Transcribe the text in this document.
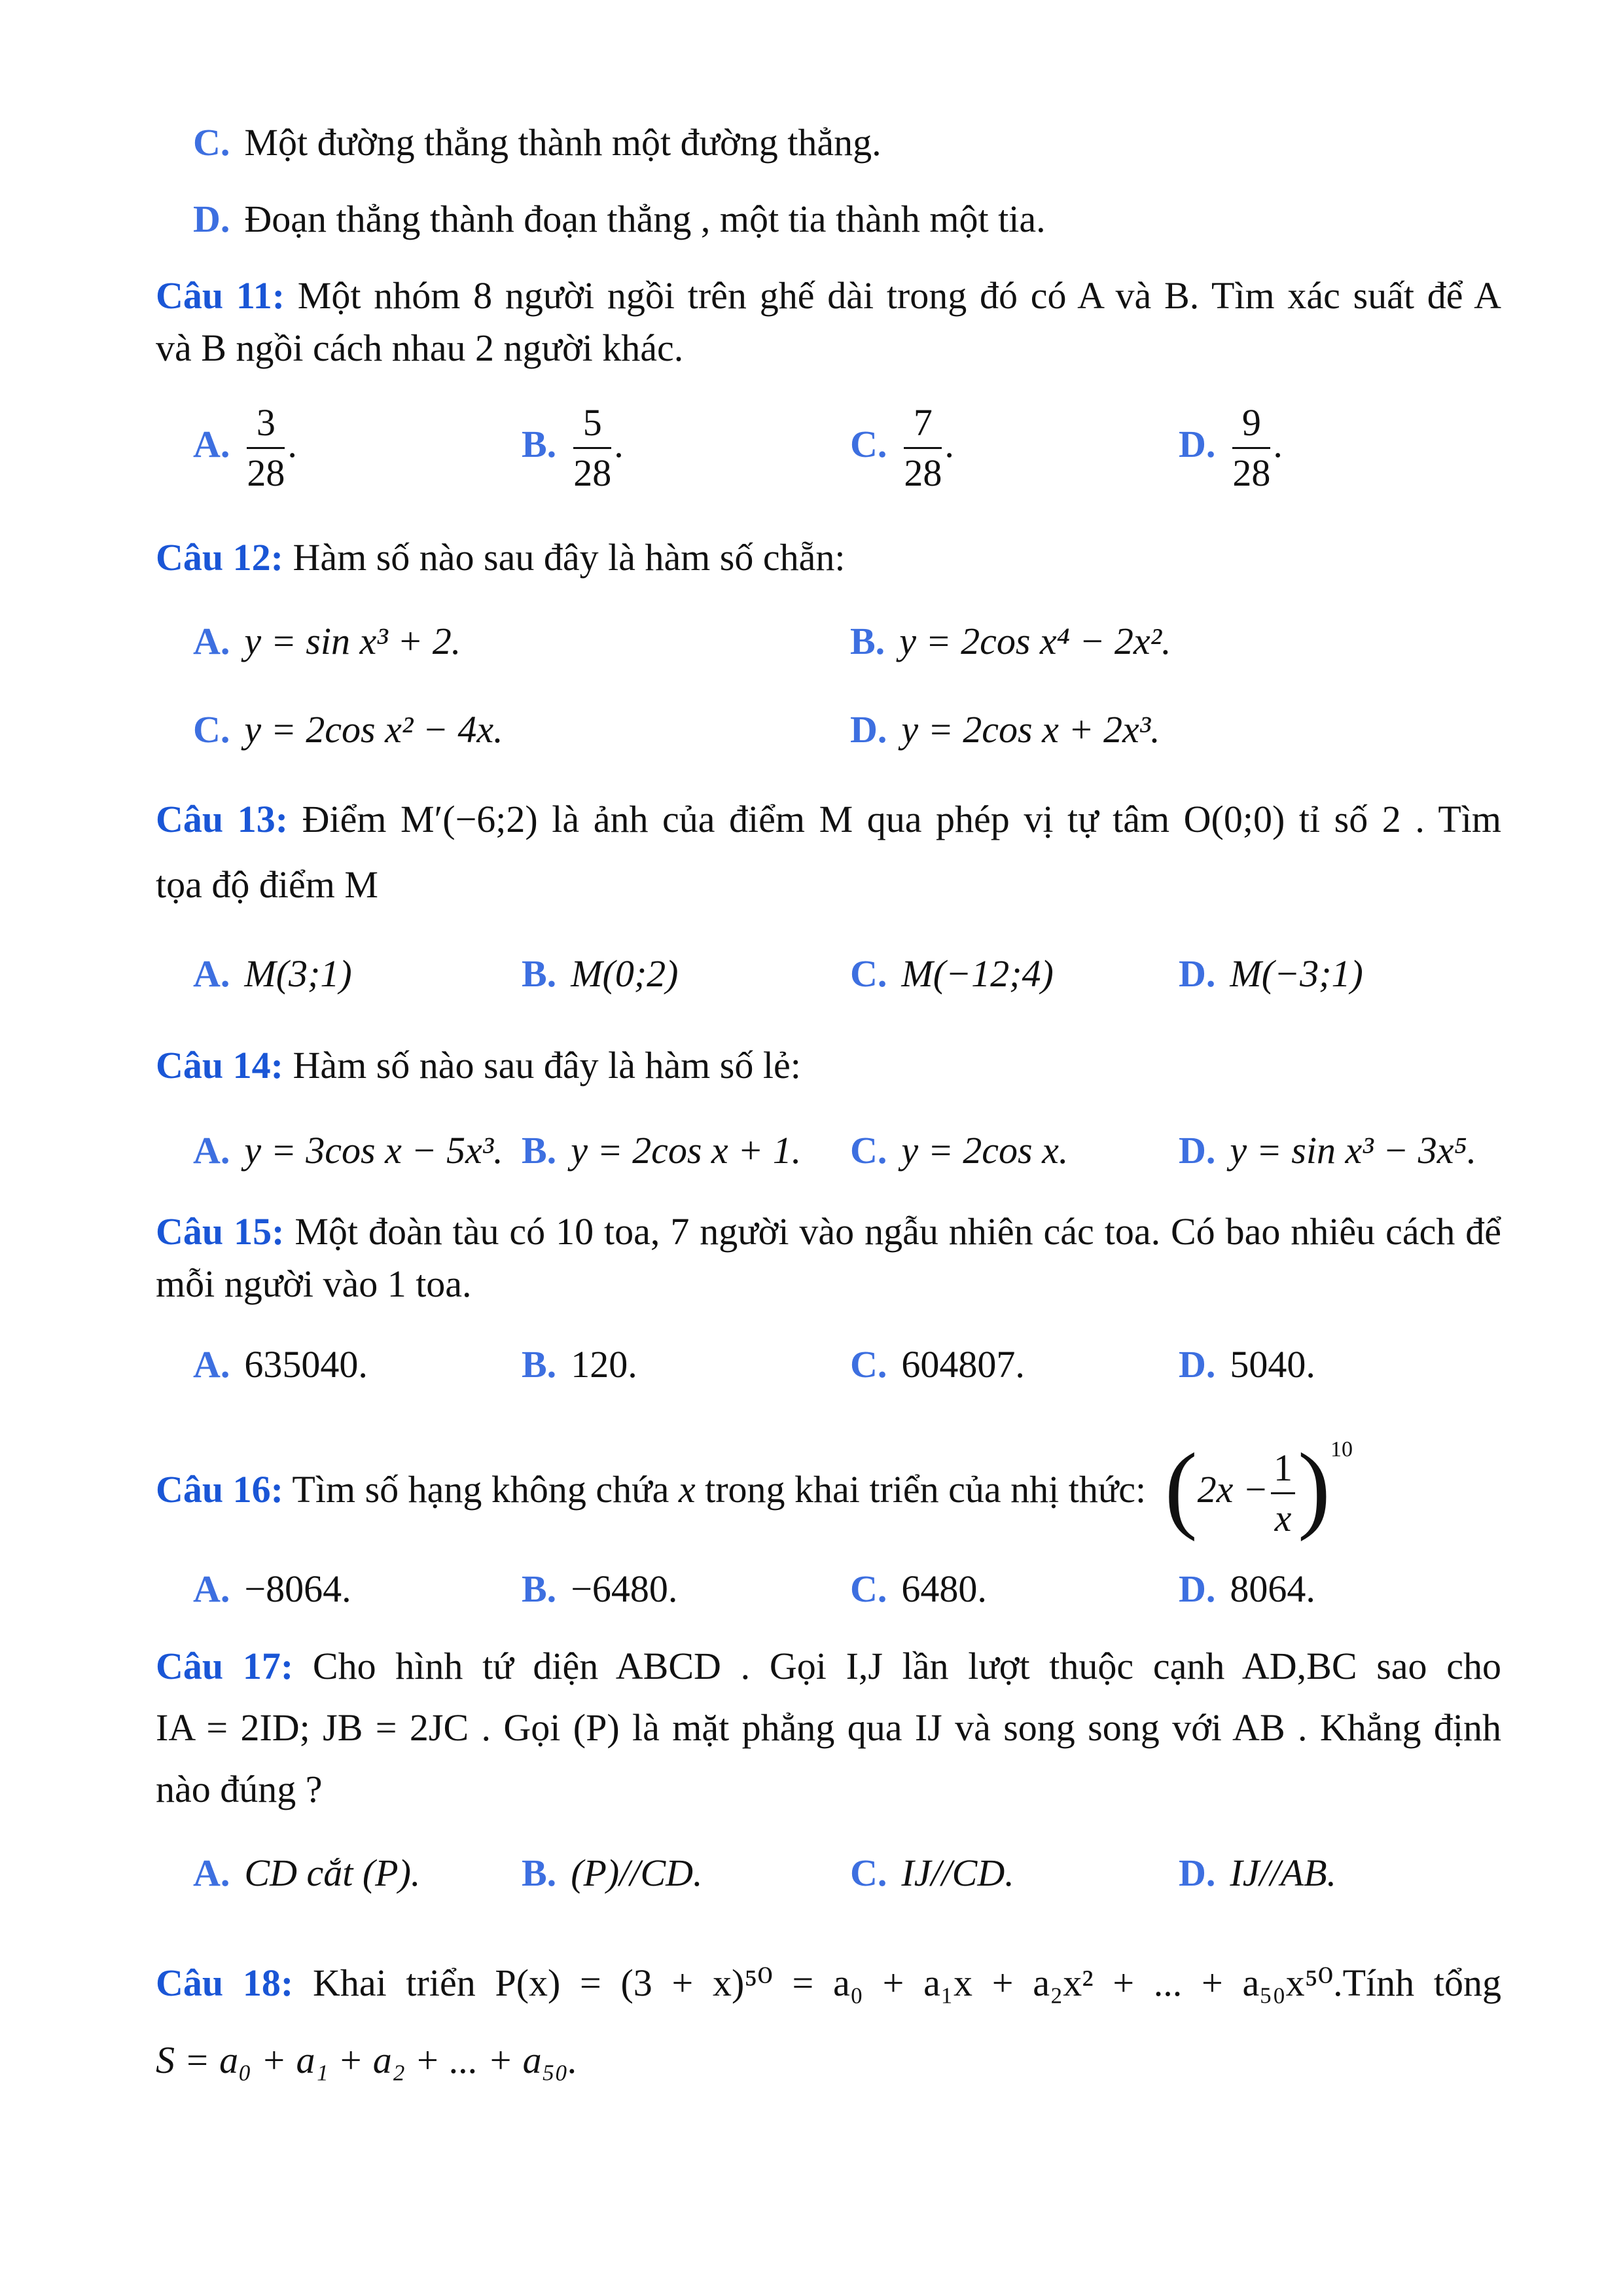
C. Một đường thẳng thành một đường thẳng.
D. Đoạn thẳng thành đoạn thẳng , một tia thành một tia.
Câu 11: Một nhóm 8 người ngồi trên ghế dài trong đó có A và B. Tìm xác suất để A
và B ngồi cách nhau 2 người khác.
A. $\frac{3}{28}$ .	B. $\frac{5}{28}$ .	C. $\frac{7}{28}$ .	D. $\frac{9}{28}$ .
Câu 12: Hàm số nào sau đây là hàm số chẵn:
A. y = sin x³ + 2.	B. y = 2cos x⁴ − 2x².
C. y = 2cos x² − 4x.	D. y = 2cos x + 2x³.
Câu 13: Điểm M′(−6;2) là ảnh của điểm M qua phép vị tự tâm O(0;0) tỉ số 2 . Tìm
tọa độ điểm M
A. M(3;1)	B. M(0;2)	C. M(−12;4)	D. M(−3;1)
Câu 14: Hàm số nào sau đây là hàm số lẻ:
A. y = 3cos x − 5x³. B. y = 2cos x + 1. C. y = 2cos x.	D. y = sin x³ − 3x⁵.
Câu 15: Một đoàn tàu có 10 toa, 7 người vào ngẫu nhiên các toa. Có bao nhiêu cách để
mỗi người vào 1 toa.
A. 635040.	B. 120.	C. 604807.	D. 5040.
Câu 16: Tìm số hạng không chứa x trong khai triển của nhị thức: $(2x - \frac{1}{x} )^{10}$
A. −8064.	B. −6480.	C. 6480.	D. 8064.
Câu 17: Cho hình tứ diện ABCD . Gọi I,J lần lượt thuộc cạnh AD,BC sao cho
IA = 2ID; JB = 2JC . Gọi (P) là mặt phẳng qua IJ và song song với AB . Khẳng định
nào đúng ?
A. CD cắt (P).	B. (P)//CD.	C. IJ//CD.	D. IJ//AB.
Câu 18: Khai triển P(x) = (3 + x)⁵⁰ = a₀ + a₁x + a₂x² + ... + a₅₀x⁵⁰.Tính tổng
S = a₀ + a₁ + a₂ + ... + a₅₀.
